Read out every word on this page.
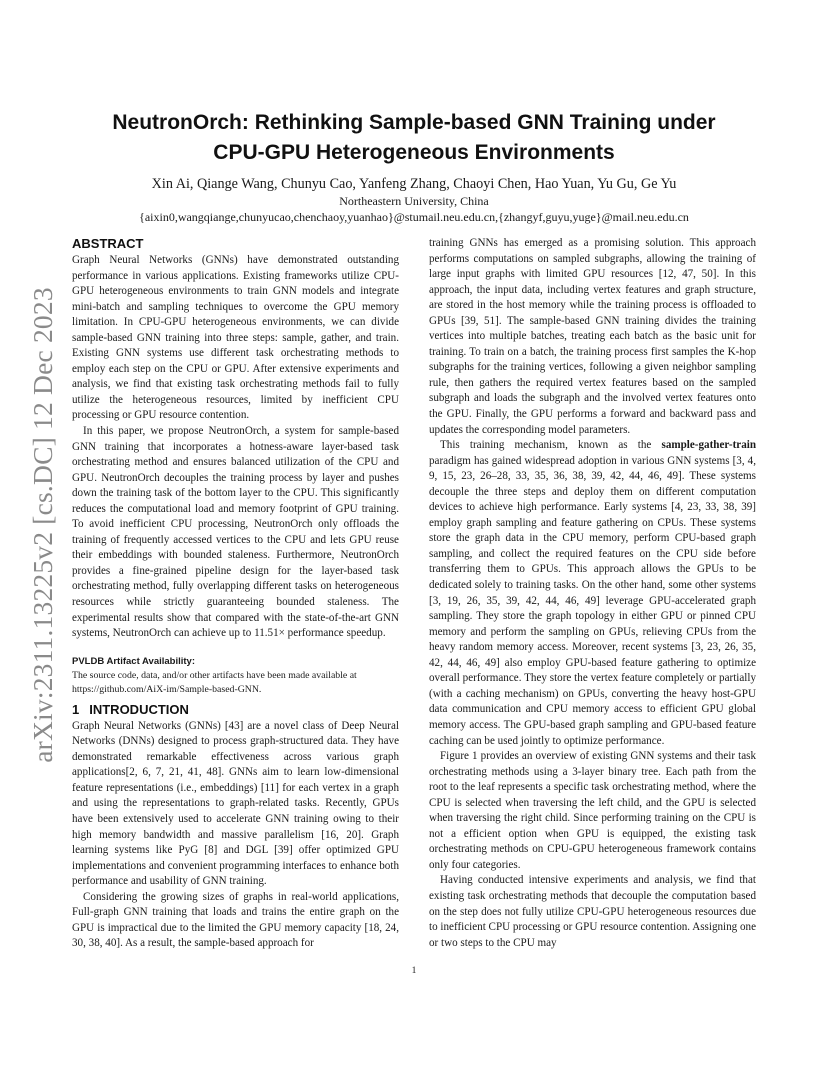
arXiv:2311.13225v2 [cs.DC] 12 Dec 2023
NeutronOrch: Rethinking Sample-based GNN Training under
CPU-GPU Heterogeneous Environments
Xin Ai, Qiange Wang, Chunyu Cao, Yanfeng Zhang, Chaoyi Chen, Hao Yuan, Yu Gu, Ge Yu
Northeastern University, China
{aixin0,wangqiange,chunyucao,chenchaoy,yuanhao}@stumail.neu.edu.cn,{zhangyf,guyu,yuge}@mail.neu.edu.cn
ABSTRACT

Graph Neural Networks (GNNs) have demonstrated outstanding performance in various applications. Existing frameworks utilize CPU-GPU heterogeneous environments to train GNN models and integrate mini-batch and sampling techniques to overcome the GPU memory limitation. In CPU-GPU heterogeneous environments, we can divide sample-based GNN training into three steps: sample, gather, and train. Existing GNN systems use different task orchestrating methods to employ each step on the CPU or GPU. After extensive experiments and analysis, we find that existing task orchestrating methods fail to fully utilize the heterogeneous resources, limited by inefficient CPU processing or GPU resource contention.

In this paper, we propose NeutronOrch, a system for sample-based GNN training that incorporates a hotness-aware layer-based task orchestrating method and ensures balanced utilization of the CPU and GPU. NeutronOrch decouples the training process by layer and pushes down the training task of the bottom layer to the CPU. This significantly reduces the computational load and memory footprint of GPU training. To avoid inefficient CPU processing, NeutronOrch only offloads the training of frequently accessed vertices to the CPU and lets GPU reuse their embeddings with bounded staleness. Furthermore, NeutronOrch provides a fine-grained pipeline design for the layer-based task orchestrating method, fully overlapping different tasks on heterogeneous resources while strictly guaranteeing bounded staleness. The experimental results show that compared with the state-of-the-art GNN systems, NeutronOrch can achieve up to 11.51× performance speedup.

PVLDB Artifact Availability:

The source code, data, and/or other artifacts have been made available at https://github.com/AiX-im/Sample-based-GNN.

1 INTRODUCTION

Graph Neural Networks (GNNs) [43] are a novel class of Deep Neural Networks (DNNs) designed to process graph-structured data. They have demonstrated remarkable effectiveness across various graph applications[2, 6, 7, 21, 41, 48]. GNNs aim to learn low-dimensional feature representations (i.e., embeddings) [11] for each vertex in a graph and using the representations to graph-related tasks. Recently, GPUs have been extensively used to accelerate GNN training owing to their high memory bandwidth and massive parallelism [16, 20]. Graph learning systems like PyG [8] and DGL [39] offer optimized GPU implementations and convenient programming interfaces to enhance both performance and usability of GNN training.

Considering the growing sizes of graphs in real-world applications, Full-graph GNN training that loads and trains the entire graph on the GPU is impractical due to the limited the GPU memory capacity [18, 24, 30, 38, 40]. As a result, the sample-based approach for

training GNNs has emerged as a promising solution. This approach performs computations on sampled subgraphs, allowing the training of large input graphs with limited GPU resources [12, 47, 50]. In this approach, the input data, including vertex features and graph structure, are stored in the host memory while the training process is offloaded to GPUs [39, 51]. The sample-based GNN training divides the training vertices into multiple batches, treating each batch as the basic unit for training. To train on a batch, the training process first samples the K-hop subgraphs for the training vertices, following a given neighbor sampling rule, then gathers the required vertex features based on the sampled subgraph and loads the subgraph and the involved vertex features onto the GPU. Finally, the GPU performs a forward and backward pass and updates the corresponding model parameters.

This training mechanism, known as the sample-gather-train paradigm has gained widespread adoption in various GNN systems [3, 4, 9, 15, 23, 26–28, 33, 35, 36, 38, 39, 42, 44, 46, 49]. These systems decouple the three steps and deploy them on different computation devices to achieve high performance. Early systems [4, 23, 33, 38, 39] employ graph sampling and feature gathering on CPUs. These systems store the graph data in the CPU memory, perform CPU-based graph sampling, and collect the required features on the CPU side before transferring them to GPUs. This approach allows the GPUs to be dedicated solely to training tasks. On the other hand, some other systems [3, 19, 26, 35, 39, 42, 44, 46, 49] leverage GPU-accelerated graph sampling. They store the graph topology in either GPU or pinned CPU memory and perform the sampling on GPUs, relieving CPUs from the heavy random memory access. Moreover, recent systems [3, 23, 26, 35, 42, 44, 46, 49] also employ GPU-based feature gathering to optimize overall performance. They store the vertex feature completely or partially (with a caching mechanism) on GPUs, converting the heavy host-GPU data communication and CPU memory access to efficient GPU global memory access. The GPU-based graph sampling and GPU-based feature caching can be used jointly to optimize performance.

Figure 1 provides an overview of existing GNN systems and their task orchestrating methods using a 3-layer binary tree. Each path from the root to the leaf represents a specific task orchestrating method, where the CPU is selected when traversing the left child, and the GPU is selected when traversing the right child. Since performing training on the CPU is not a efficient option when GPU is equipped, the existing task orchestrating methods on CPU-GPU heterogeneous framework contains only four categories.

Having conducted intensive experiments and analysis, we find that existing task orchestrating methods that decouple the computation based on the step does not fully utilize CPU-GPU heterogeneous resources due to inefficient CPU processing or GPU resource contention. Assigning one or two steps to the CPU may

1
